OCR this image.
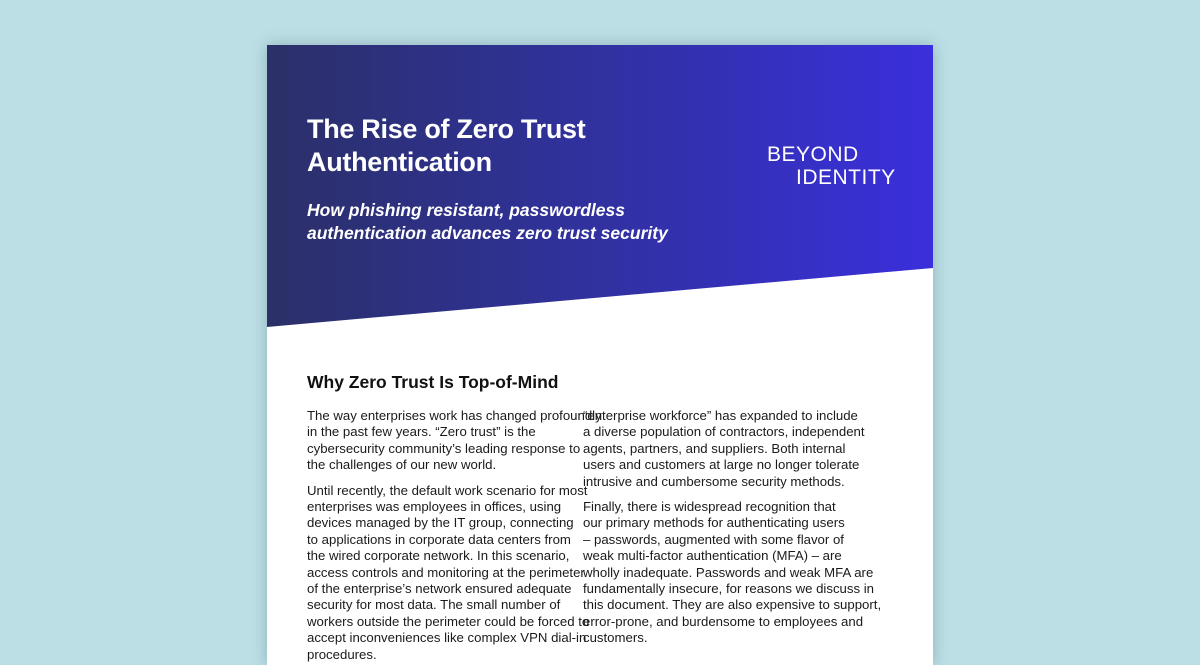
The Rise of Zero Trust
Authentication
How phishing resistant, passwordless
authentication advances zero trust security
BEYOND
IDENTITY
Why Zero Trust Is Top-of-Mind
The way enterprises work has changed profoundly
in the past few years. “Zero trust” is the
cybersecurity community’s leading response to
the challenges of our new world.
Until recently, the default work scenario for most
enterprises was employees in offices, using
devices managed by the IT group, connecting
to applications in corporate data centers from
the wired corporate network. In this scenario,
access controls and monitoring at the perimeter
of the enterprise’s network ensured adequate
security for most data. The small number of
workers outside the perimeter could be forced to
accept inconveniences like complex VPN dial-in
procedures.
“enterprise workforce” has expanded to include
a diverse population of contractors, independent
agents, partners, and suppliers. Both internal
users and customers at large no longer tolerate
intrusive and cumbersome security methods.
Finally, there is widespread recognition that
our primary methods for authenticating users
– passwords, augmented with some flavor of
weak multi-factor authentication (MFA) – are
wholly inadequate. Passwords and weak MFA are
fundamentally insecure, for reasons we discuss in
this document. They are also expensive to support,
error-prone, and burdensome to employees and
customers.
